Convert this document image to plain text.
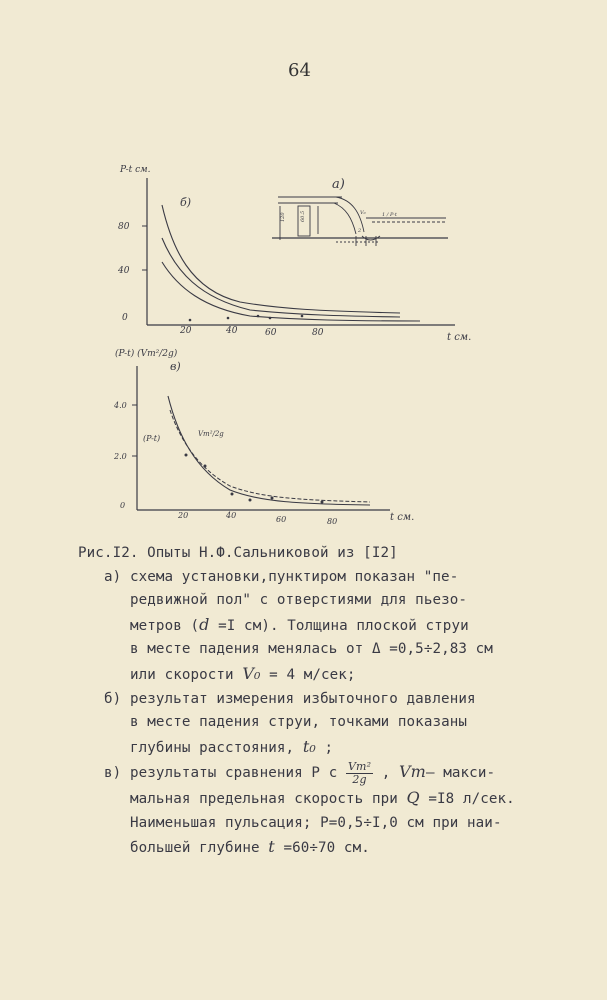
64
P-t см.
б)
80
40
0
20	40	60	80	t см.
а)
120	60.5	V₀	1 / P-t
2
(P-t) (Vm²/2g)
в)
4.0
2.0
0
(P-t)	Vm²/2g
20	40	60	80	t см.
Рис.I2. Опыты Н.Ф.Сальниковой из [I2]
а) схема установки,пунктиром показан "пе-
редвижной пол" с отверстиями для пьезо-
метров (d =I см). Толщина плоской струи
в месте падения менялась от Δ =0,5÷2,83 см
или скорости V₀ = 4 м/сек;
б) результат измерения избыточного давления
в месте падения струи, точками показаны
глубины расстояния, t₀ ;
в) результаты сравнения P с $\frac{\text{Vm²}}{2g}$ , Vm— макси-
мальная предельная скорость при Q =I8 л/сек.
Наименьшая пульсация; P=0,5÷I,0 см при наи-
большей глубине t =60÷70 см.
